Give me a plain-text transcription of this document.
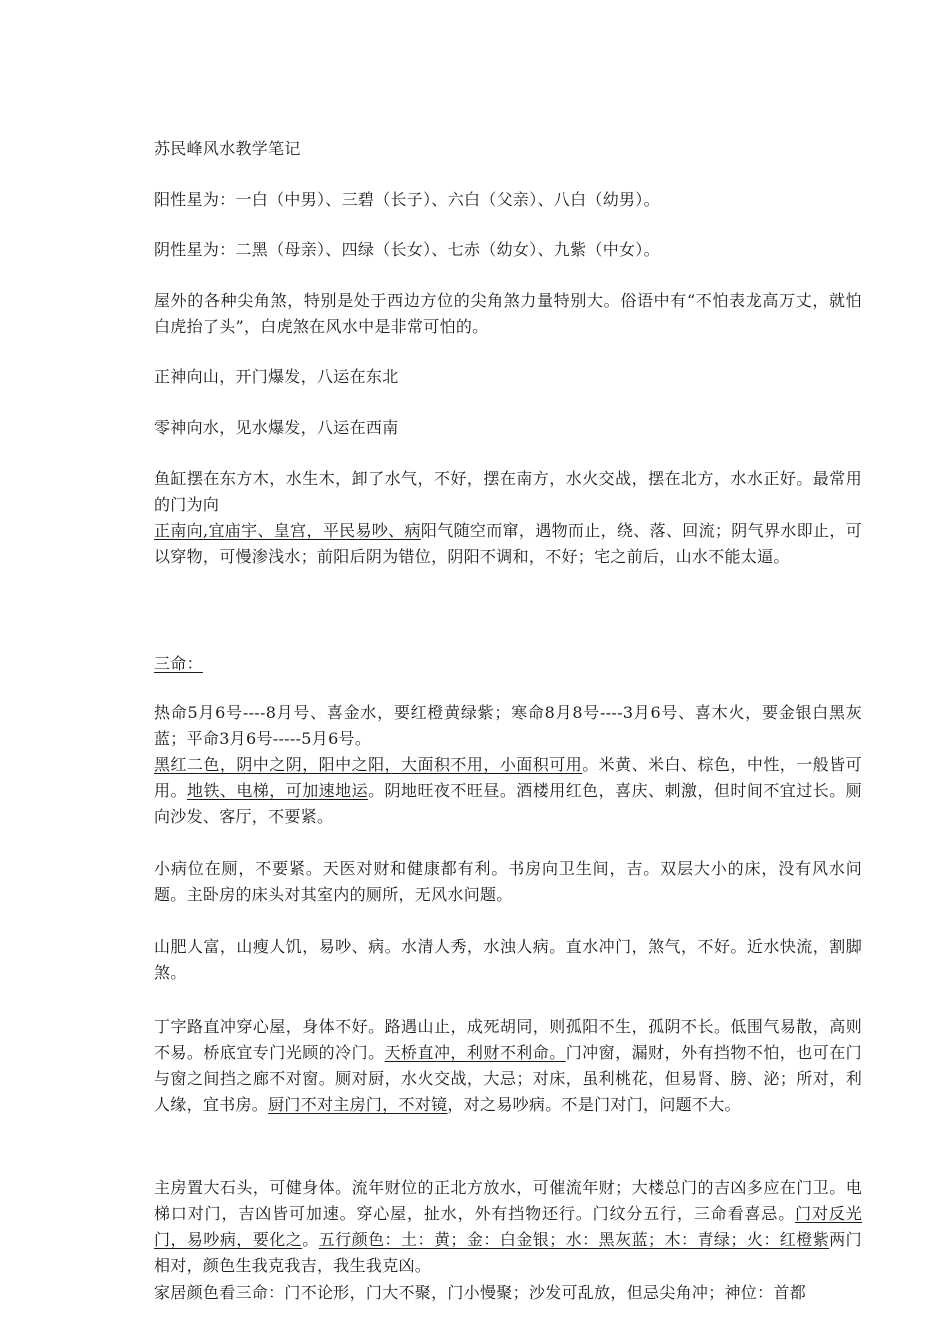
苏民峰风水教学笔记

阳性星为：一白（中男）、三碧（长子）、六白（父亲）、八白（幼男）。

阴性星为：二黑（母亲）、四绿（长女）、七赤（幼女）、九紫（中女）。

屋外的各种尖角煞，特别是处于西边方位的尖角煞力量特别大。俗语中有“不怕表龙高万丈，就怕白虎抬了头”，白虎煞在风水中是非常可怕的。

正神向山，开门爆发，八运在东北

零神向水，见水爆发，八运在西南

鱼缸摆在东方木，水生木，卸了水气，不好，摆在南方，水火交战，摆在北方，水水正好。最常用的门为向

正南向,宜庙宇、皇宫，平民易吵、病阳气随空而窜，遇物而止，绕、落、回流；阴气界水即止，可以穿物，可慢渗浅水；前阳后阴为错位，阴阳不调和，不好；宅之前后，山水不能太逼。

三命：

热命5月6号----8月号、喜金水，要红橙黄绿紫；寒命8月8号----3月6号、喜木火，要金银白黑灰蓝；平命3月6号-----5月6号。

黑红二色，阴中之阴，阳中之阳，大面积不用，小面积可用。米黄、米白、棕色，中性，一般皆可用。地铁、电梯，可加速地运。阴地旺夜不旺昼。酒楼用红色，喜庆、刺激，但时间不宜过长。厕向沙发、客厅，不要紧。

小病位在厕，不要紧。天医对财和健康都有利。书房向卫生间，吉。双层大小的床，没有风水问题。主卧房的床头对其室内的厕所，无风水问题。

山肥人富，山瘦人饥，易吵、病。水清人秀，水浊人病。直水冲门，煞气，不好。近水快流，割脚煞。

丁字路直冲穿心屋，身体不好。路遇山止，成死胡同，则孤阳不生，孤阴不长。低围气易散，高则不易。桥底宜专门光顾的冷门。天桥直冲，利财不利命。门冲窗，漏财，外有挡物不怕，也可在门与窗之间挡之廊不对窗。厕对厨，水火交战，大忌；对床，虽利桃花，但易肾、膀、泌；所对，利人缘，宜书房。厨门不对主房门，不对镜，对之易吵病。不是门对门，问题不大。

主房置大石头，可健身体。流年财位的正北方放水，可催流年财；大楼总门的吉凶多应在门卫。电梯口对门，吉凶皆可加速。穿心屋，扯水，外有挡物还行。门纹分五行，三命看喜忌。门对反光门，易吵病，要化之。五行颜色：土：黄；金：白金银；水：黑灰蓝；木：青绿；火：红橙紫两门相对，颜色生我克我吉，我生我克凶。

家居颜色看三命：门不论形，门大不聚，门小慢聚；沙发可乱放，但忌尖角冲；神位：首都
